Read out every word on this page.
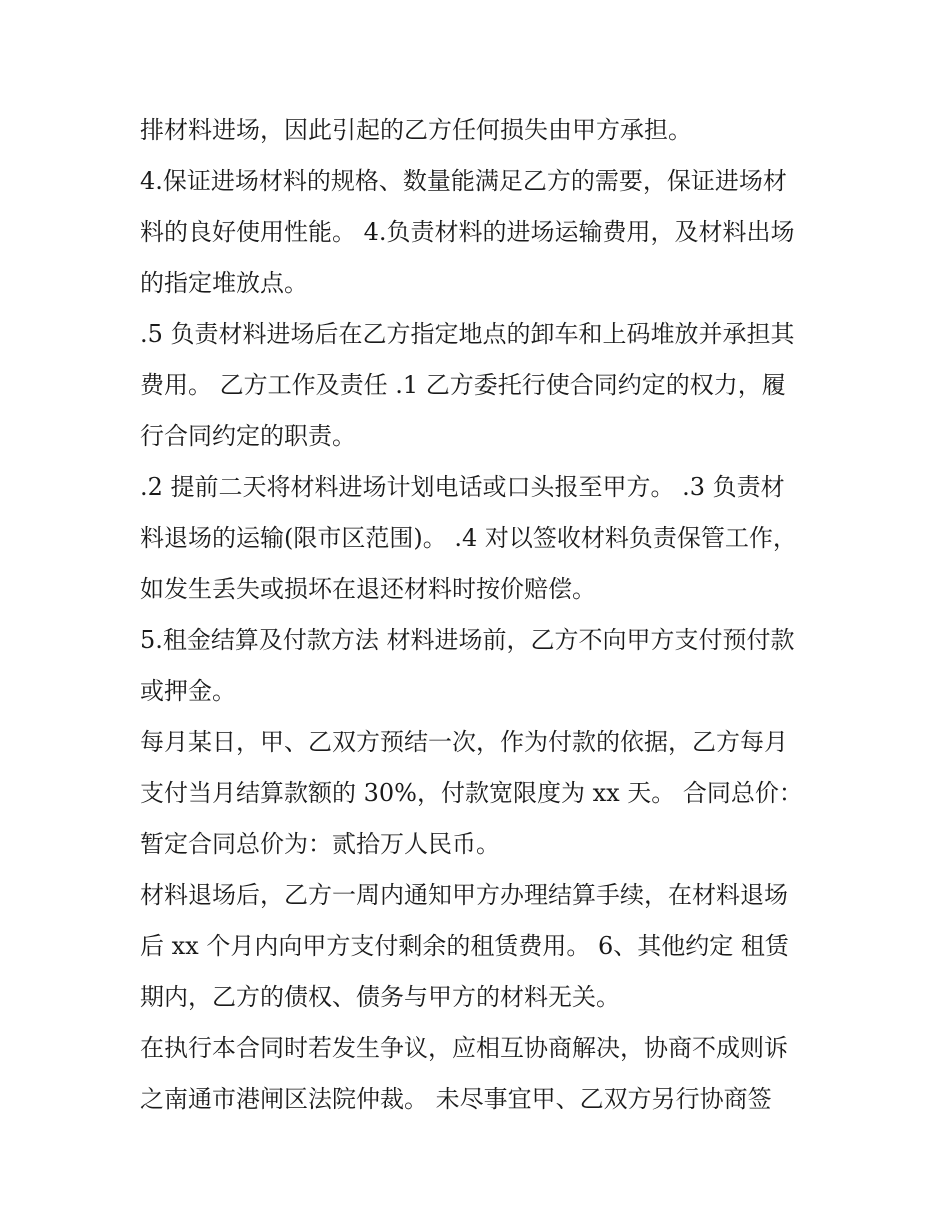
排材料进场，因此引起的乙方任何损失由甲方承担。
4.保证进场材料的规格、数量能满足乙方的需要，保证进场材
料的良好使用性能。 4.负责材料的进场运输费用，及材料出场
的指定堆放点。
.5 负责材料进场后在乙方指定地点的卸车和上码堆放并承担其
费用。 乙方工作及责任 .1 乙方委托行使合同约定的权力，履
行合同约定的职责。
.2 提前二天将材料进场计划电话或口头报至甲方。 .3 负责材
料退场的运输(限市区范围)。 .4 对以签收材料负责保管工作，
如发生丢失或损坏在退还材料时按价赔偿。
5.租金结算及付款方法 材料进场前，乙方不向甲方支付预付款
或押金。
每月某日，甲、乙双方预结一次，作为付款的依据，乙方每月
支付当月结算款额的 30%，付款宽限度为 xx 天。 合同总价：
暂定合同总价为：贰拾万人民币。
材料退场后，乙方一周内通知甲方办理结算手续，在材料退场
后 xx 个月内向甲方支付剩余的租赁费用。 6、其他约定 租赁
期内，乙方的债权、债务与甲方的材料无关。
在执行本合同时若发生争议，应相互协商解决，协商不成则诉
之南通市港闸区法院仲裁。 未尽事宜甲、乙双方另行协商签
